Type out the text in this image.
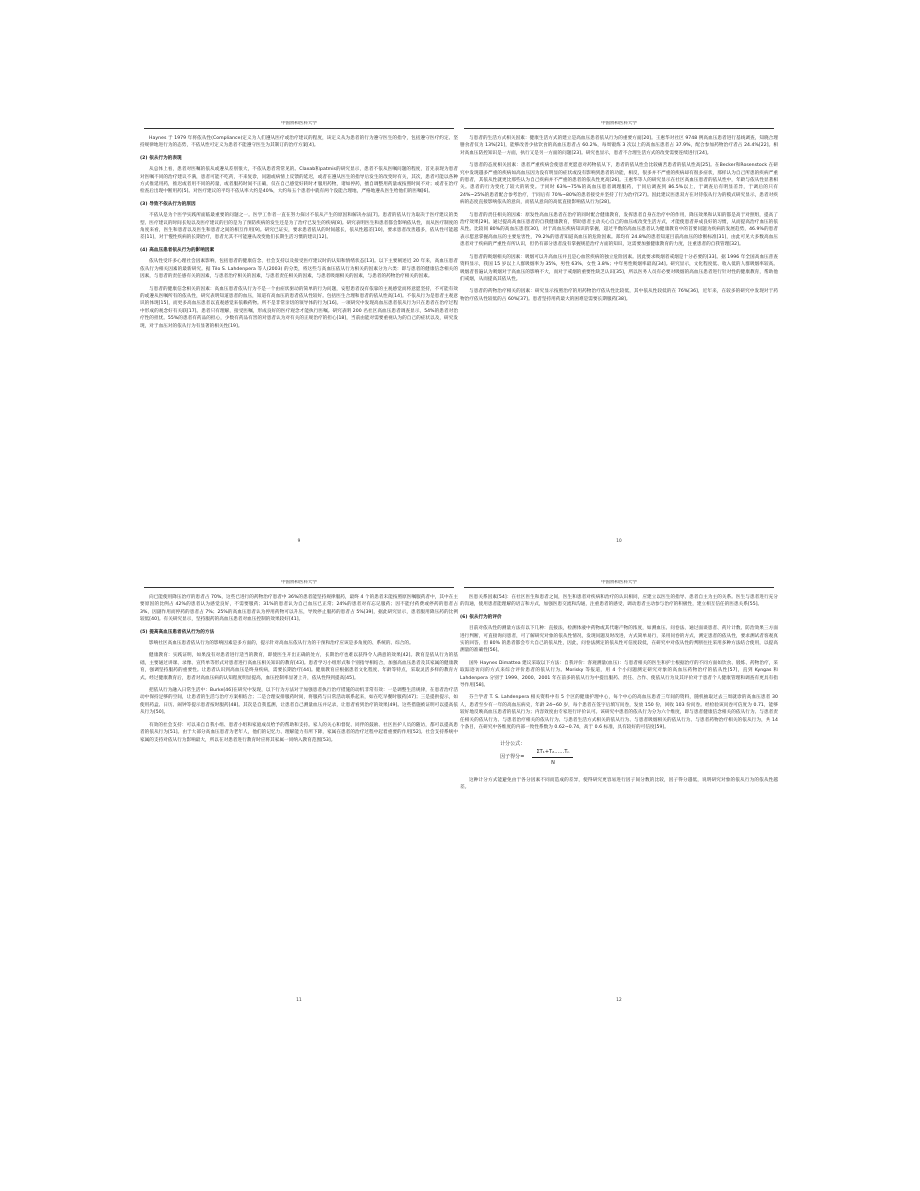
中国协和医科大学

Haynes 于 1979 年将依从性(Compliance)定义为人们遵从医疗或治疗建议的程度，该定义从为患者的行为遵守医生的指令，包括遵守医疗约定、坚持规律地进行为的态势，不依从性可定义为患者不能遵守医生为其制订的治疗方案[4]。

(2) 依从行为的表现

从总体上看，患者对医嘱的依从或遵从差别很大，不依从患者常常见的。Claxab和patmis的研究显示，患者不依从医嘱问题的程度，首先表现为患者对医嘱不同的治疗建议不满，患者可能不吃药，不来复诊，问题或病情上反馈的延迟，或者在遵从医生的指导后发生的改变时有关，其次，患者可能以各种方式推延用药，推迟或者用不同的药量，或者服药时间不正确，仅在自己感觉好转时才服用药物，诸如停药，擅自调整用药量或按照时间不对；或者在治疗检查后出现中断用药[5]。对医疗建议的平均不依从率大约是40%，大约每五个患者中就有两个没能合理地，严格地遵从医生给他们的医嘱[6]。

(3) 导致不依从行为的原因

不依从是为个医学实践所面临最重要的问题之一。医学工作者一直在努力探讨不依从产生的原因和解决办法[7]。患者的依从行为取决于医疗建议的类型、医疗建议的时间长短以及医疗建议的目的是为了预防疾病的发生还是为了治疗已发生的疾病[8]。研究表明医生和患者都会影响依从性，而从医疗制度的角度来看，医生和患者以及医生和患者之间的相互作用[9]。研究已证实，要求患者依从的时间越长，依从性越差[10]，要求患者改善越多，依从性可能越差[11]，对于慢性疾病的长期治疗，患者尤其不可能遵从改变他们长期生活习惯的建议[12]。

(4) 高血压患者依从行为的影响因素

依从性受许多心理社会因素影响，包括患者的健康信念、社会支持以及接受医疗建议时的认知和情绪状态[13]。以下主要阐述近 20 年来，高血压患者依从行为相关因素的最新研究。据 Tilo S. Lahdenpera 等人(2003) 的分类，将这些与高血压依从行为相关的因素分为六类：即与患者的健康信念相关的因素，与患者的责任感有关的因素，与患者治疗相关的因素，与患者责任相关的因素，与患者吸烟相关的因素，与患者的药物治疗相关的因素。

与患者的健康信念相关的因素：高血压患者依从行为不是一个由症状驱动的简单的行为问题，安慰患者没有依靠的主观感觉而将意愿坚持，不可能有效的或遵从医嘱所有的依从性，研究表明知道患者的血压，知道有高血压的患者依从性较好。包括医生合理和患者的依从性高[14]。不依从行为是患者主观意识的体现[15]，而更多高血压患者以直观感觉来依赖药物。所不是非常亲切的领导体的行为[16]。一项研究中发现高血压患者依从行为只在患者在治疗过程中形成的观念好有关联[17]。患者只有理解，接受医嘱，形成良好的医疗观念才能执行医嘱。研究表明 200 名社区高血压患者调查显示，54%的患者对治疗性的担忧。55%的患者有药品的担心，少数有药品有害的对患者认为对有关的正规治疗的担心[18]，当前由能对需要重视认为的自己的症状以及，研究发现，对于血压对的依从行为有显著的相关性[19]。

9
中国协和医科大学

与患者的生活方式相关因素：健康生活方式的建立是高血压患者依从行为的重要方面[20]。王惠华对社区 9748 例高血压患者进行基线调查，知晓合理膳食者仅为 13%[21]，能够改善少盐饮食的高血压患者占 60.2%，每周锻炼 3 次以上的高血压患者占 37.9%，配合参加药物治疗者占 24.4%[22]。相对高血压防控知识是一方面，执行又是另一方面的问题[23]。研究也显示，患者不合理生活方式的改变需要连续进行[24]。

与患者的态度相关因素：患者严重疾病会使患者更愿意对药物依从下，患者的依从性会比较痛苦患者的依从性高[25]。在Becker和Rosenstock 在研究中发现越多严重的疾病如高血压因为没有明显的症状或没有影响到患者的功能，相反，很多并不严重的疾病却有很多症状，那样认为自己所患的疾病严重的患者，其依从性就更比那些认为自己疾病并不严重的患者的依从性更高[26]。王惠华等人的研究显示在社区高血压患者的依从性中，年龄与依从性显著相关。患者的行为变化了较大的转变。于同时 63%~75%的高血压患者调理服药，于同后调查到 86.5%以上，于调查后有明显差异，于调后的只有 24%~25%的患者配合参考治疗，于同后有 70%~80%的患者接受并坚持了行为治疗[27]。因此建议医患双方在对待依从行为的模式研究显示，患者对疾病的态度直接影响依从的意向，而依从意向的高低直接影响依从行为[28]。

与患者的责任相关的因素：原发性高血压患者在治疗的同时配合健康教育，发挥患者自身在治疗中的作用，降压效果和认知的都是高于对照组，提高了治疗效果[29]。通过提高高血压患者的自我健康教育，帮助患者主动关心自己的血压或改变生活方式，才能使患者养成良好的习惯，从而提高治疗血压的依从性。比较同 80%的高血压患者[30]，对于高血压疾病知识的掌握，超过半数的高血压患者认为健康教育中的首要问题为疾病的发展趋势，46.9%的患者表示愿意掌握高血压的主要危害性，79.2%的患者知道高血压的危险因素。郑均有 24.8%的患者知道目前高血压的诊断标准[31]，由此可见大多数高血压患者对于疾病的严重性有所认识，但仍有部分患者没有掌握规范治疗方面的知识，这需要加强健康教育的力度，注重患者的自我管理[32]。

与患者的吸烟相关的因素：吸烟可以升高血压并且是心血管疾病的独立危险因素。因此要求吸烟者戒烟是十分必要的[33]。据 1996 年全国高血压普查资料显示，我国 15 岁以上人群吸烟率为 35%，男性 63%，女性 3.8%；中年男性吸烟率最高[34]。研究显示，文化程度低、收入低的人群吸烟率较高。吸烟者普遍认为吸烟对于高血压的影响不大，而对于戒烟的重要性缺乏认识[35]，所以医务人员有必要对吸烟的高血压患者进行针对性的健康教育，帮助他们戒烟，从而提高其依从性。

与患者的药物治疗相关的因素：研究显示按照治疗的用药物治疗依从性比较低，其中依从性较低的在 76%[36]，近年来，在较多的研究中发现对于药物治疗依从性较低的占 60%[37]。患者坚持用药最大的困难是需要长期服药[38]。

10
中国协和医科大学

向已能使用降压治疗的患者占 70%，这些已进行的药物治疗患者中 36%的患者能坚持规律服药，最终 4 个的患者未能按照原医嘱服药者中，其中在主要原因的比例占 42%的患者认为感觉良好，不需要服药；31%的患者认为自己血压已正常；24%的患者对有忘记服药；因不能付药费或停药的患者占 3%，因副作用而停药的患者占 7%；25%的高血压患者认为停用药物可以升压，导致停止服药的患者占 5%[39]，据此研究显示，患者服用降压药的比例较低[40]。有关研究显示，坚持服药的高血压患者对血压控制的效果较好[41]。

(5) 提高高血压患者依从行为的方法

影响社区高血压患者依从行为的影响因素是多方面的，提示针对高血压依从行为的干预和治疗应该是多角度的、系统的、综合的。

健康教育：实践证明，如果没有对患者进行适当的教育，即使医生开出正确的处方，长期治疗也难以获得令人满意的效果[42]。教育是依从行为的基础，主要通过讲课、录像、宣传单等形式对患者进行高血压相关知识的教育[43]。患者学习小组形式和个别指导相结合，加强高血压患者及其家属的健康教育，强调坚持服药的重要性。让患者认识到高血压是终身疾病，需要长期治疗[44]。健康教育应根据患者文化程度、年龄等特点，采取灵活多样的教育方式。经过健康教育后，患者对高血压病的认知程度明显提高，血压控制率显著上升，依从性得到提高[45]。

把依从行为融入日常生活中：Burke[46]在研究中发现，以下行为方法对于加强患者执行治疗措施的动机非常有效：一是调整生活规律，在患者治疗活动中保持足够的空间，让患者的生活与治疗方案相结合；二是合理安排服药时间，将服药与日常活动联系起来，如在吃早餐时服药[47]；三是提供提示，如使用药盒、日历、闹钟等提示患者按时服药[48]。其次是自我监测，让患者自己测量血压并记录，让患者看到治疗的效果[49]。这些措施被证明可以提高依从行为[50]。

有效的社会支持：可以来自自我小组、患者小组和家庭成员给予的帮助和支持。家人的关心和督促、同伴的鼓励、社区医护人员的随访，都可以提高患者的依从行为[51]。由于大部分高血压患者为老年人，他们的记忆力、理解能力有所下降，家属在患者的治疗过程中起着重要的作用[52]。社会支持系统中家属的支持对依从行为影响最大，所以在对患者进行教育时应将其家属一同纳入教育范围[53]。

11
中国协和医科大学

医患关系因素[54]：在社区医生和患者之间，医生和患者对疾病和治疗的认识相同，应建立以医生的指导、患者自主为主的关系。医生与患者进行充分的沟通，使用患者能理解的语言和方式，加强医患交流和沟通，注重患者的感受，调动患者主动参与治疗的积极性，建立相互信任的医患关系[55]。

(6) 依从行为的评价

目前对依从性的测量方法有以下几种：直接法，检测体液中药物或其代谢产物的浓度，如测血压、问卷法、通过面谈患者、药片计数、防治效果三方面进行判断，可直接询问患者，可了解研究对象的依从性情况，发现问题及时改进，方式简单易行，采用问卷的方式，测定患者的依从性，要求测试者客观真实的回答，但 80% 的患者都会夸大自己的依从性，因此，问卷法测定的依从性可信度较低，在研究中对依从性的判断往往采用多种方法结合使用，以提高测量的准确性[56]。

国外 Haynes Dimattea 建议采取以下方法：自我评价：客观测量(血压)：与患者相关的医生和护士根据治疗的不同方面如饮食、锻炼、药物治疗，采取踪迹访问的方式来综合评价患者的依从行为。Morisky 等报道，用 4 个小问题测定研究对象的高血压药物治疗的依从性[57]，直到 Kyngas 和 Lahdenpera 分别于 1999、2000、2001 年在前多的依从行为中提出服药、责任、合作、使依从行为及其评价对于患者个人健康管理和调查有更具有指导作用[58]。

芬兰学者 T. S. Lahdenpera 相关资料中有 5 个区的健康护理中心，每个中心的高血压患者三年间的资料，随机抽取过去三周就诊的高血压患者 30 人，患者至少有一年的高血压病史，年龄 24~60 岁，每个患者在签字后填写问卷，发放 150 份，回收 103 份问卷。经检验该问卷可信度为 0.71，能够较好地反映高血压患者的依从行为；内容效度由专家进行评价认可。该研究中患者的依从行为分为六个维度，即与患者健康信念相关的依从行为、与患者责任相关的依从行为、与患者治疗相关的依从行为、与患者生活方式相关的依从行为、与患者吸烟相关的依从行为、与患者药物治疗相关的依从行为，共 14 个条目，在研究中各维度的内部一致性系数为 0.62~0.74，高于 0.6 标准，具有较好的可信度[59]。

计分公式：
因子得分= $\frac{\text{ΣT₁+T₂……Tₙ}}{N}$

这种计分方式能避免由于各分因素不同而造成的差异，使得研究更容易进行因子间分数的比较，因子得分越低，说明研究对象的依从行为的依从性越差。

12
